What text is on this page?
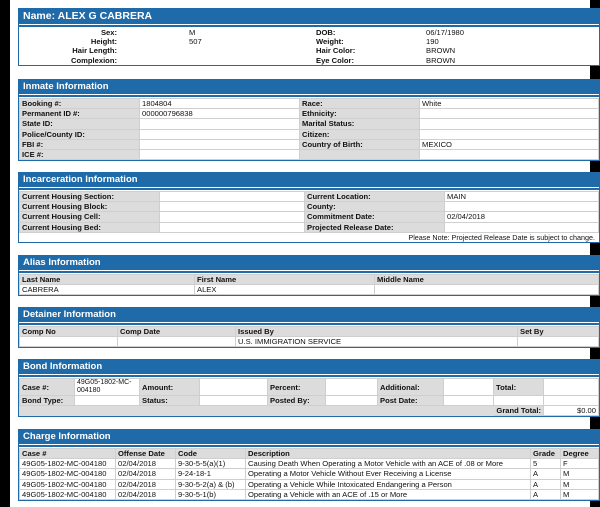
Name: ALEX G CABRERA
Sex:	M	DOB:	06/17/1980
Height:	507	Weight:	190
Hair Length:		Hair Color:	BROWN
Complexion:		Eye Color:	BROWN
Inmate Information
Booking #:	1804804	Race:	White
Permanent ID #:	000000796838	Ethnicity:	
State ID:		Marital Status:	
Police/County ID:		Citizen:	
FBI #:		Country of Birth:	MEXICO
ICE #:			
Incarceration Information
Current Housing Section:		Current Location:	MAIN
Current Housing Block:		County:	
Current Housing Cell:		Commitment Date:	02/04/2018
Current Housing Bed:		Projected Release Date:	
Please Note: Projected Release Date is subject to change.
Alias Information
Last Name	First Name	Middle Name
CABRERA	ALEX	
Detainer Information
Comp No	Comp Date	Issued By	Set By
		U.S. IMMIGRATION SERVICE	
Bond Information
Case #:	49G05-1802-MC-004180	Amount:		Percent:		Additional:		Total:	
Bond Type:		Status:		Posted By:		Post Date:			
								Grand Total:	$0.00
Charge Information
Case #	Offense Date	Code	Description	Grade	Degree
49G05-1802-MC-004180	02/04/2018	9-30-5-5(a)(1)	Causing Death When Operating a Motor Vehicle with an ACE of .08 or More	5	F
49G05-1802-MC-004180	02/04/2018	9-24-18-1	Operating a Motor Vehicle Without Ever Receiving a License	A	M
49G05-1802-MC-004180	02/04/2018	9-30-5-2(a) & (b)	Operating a Vehicle While Intoxicated Endangering a Person	A	M
49G05-1802-MC-004180	02/04/2018	9-30-5-1(b)	Operating a Vehicle with an ACE of .15 or More	A	M
